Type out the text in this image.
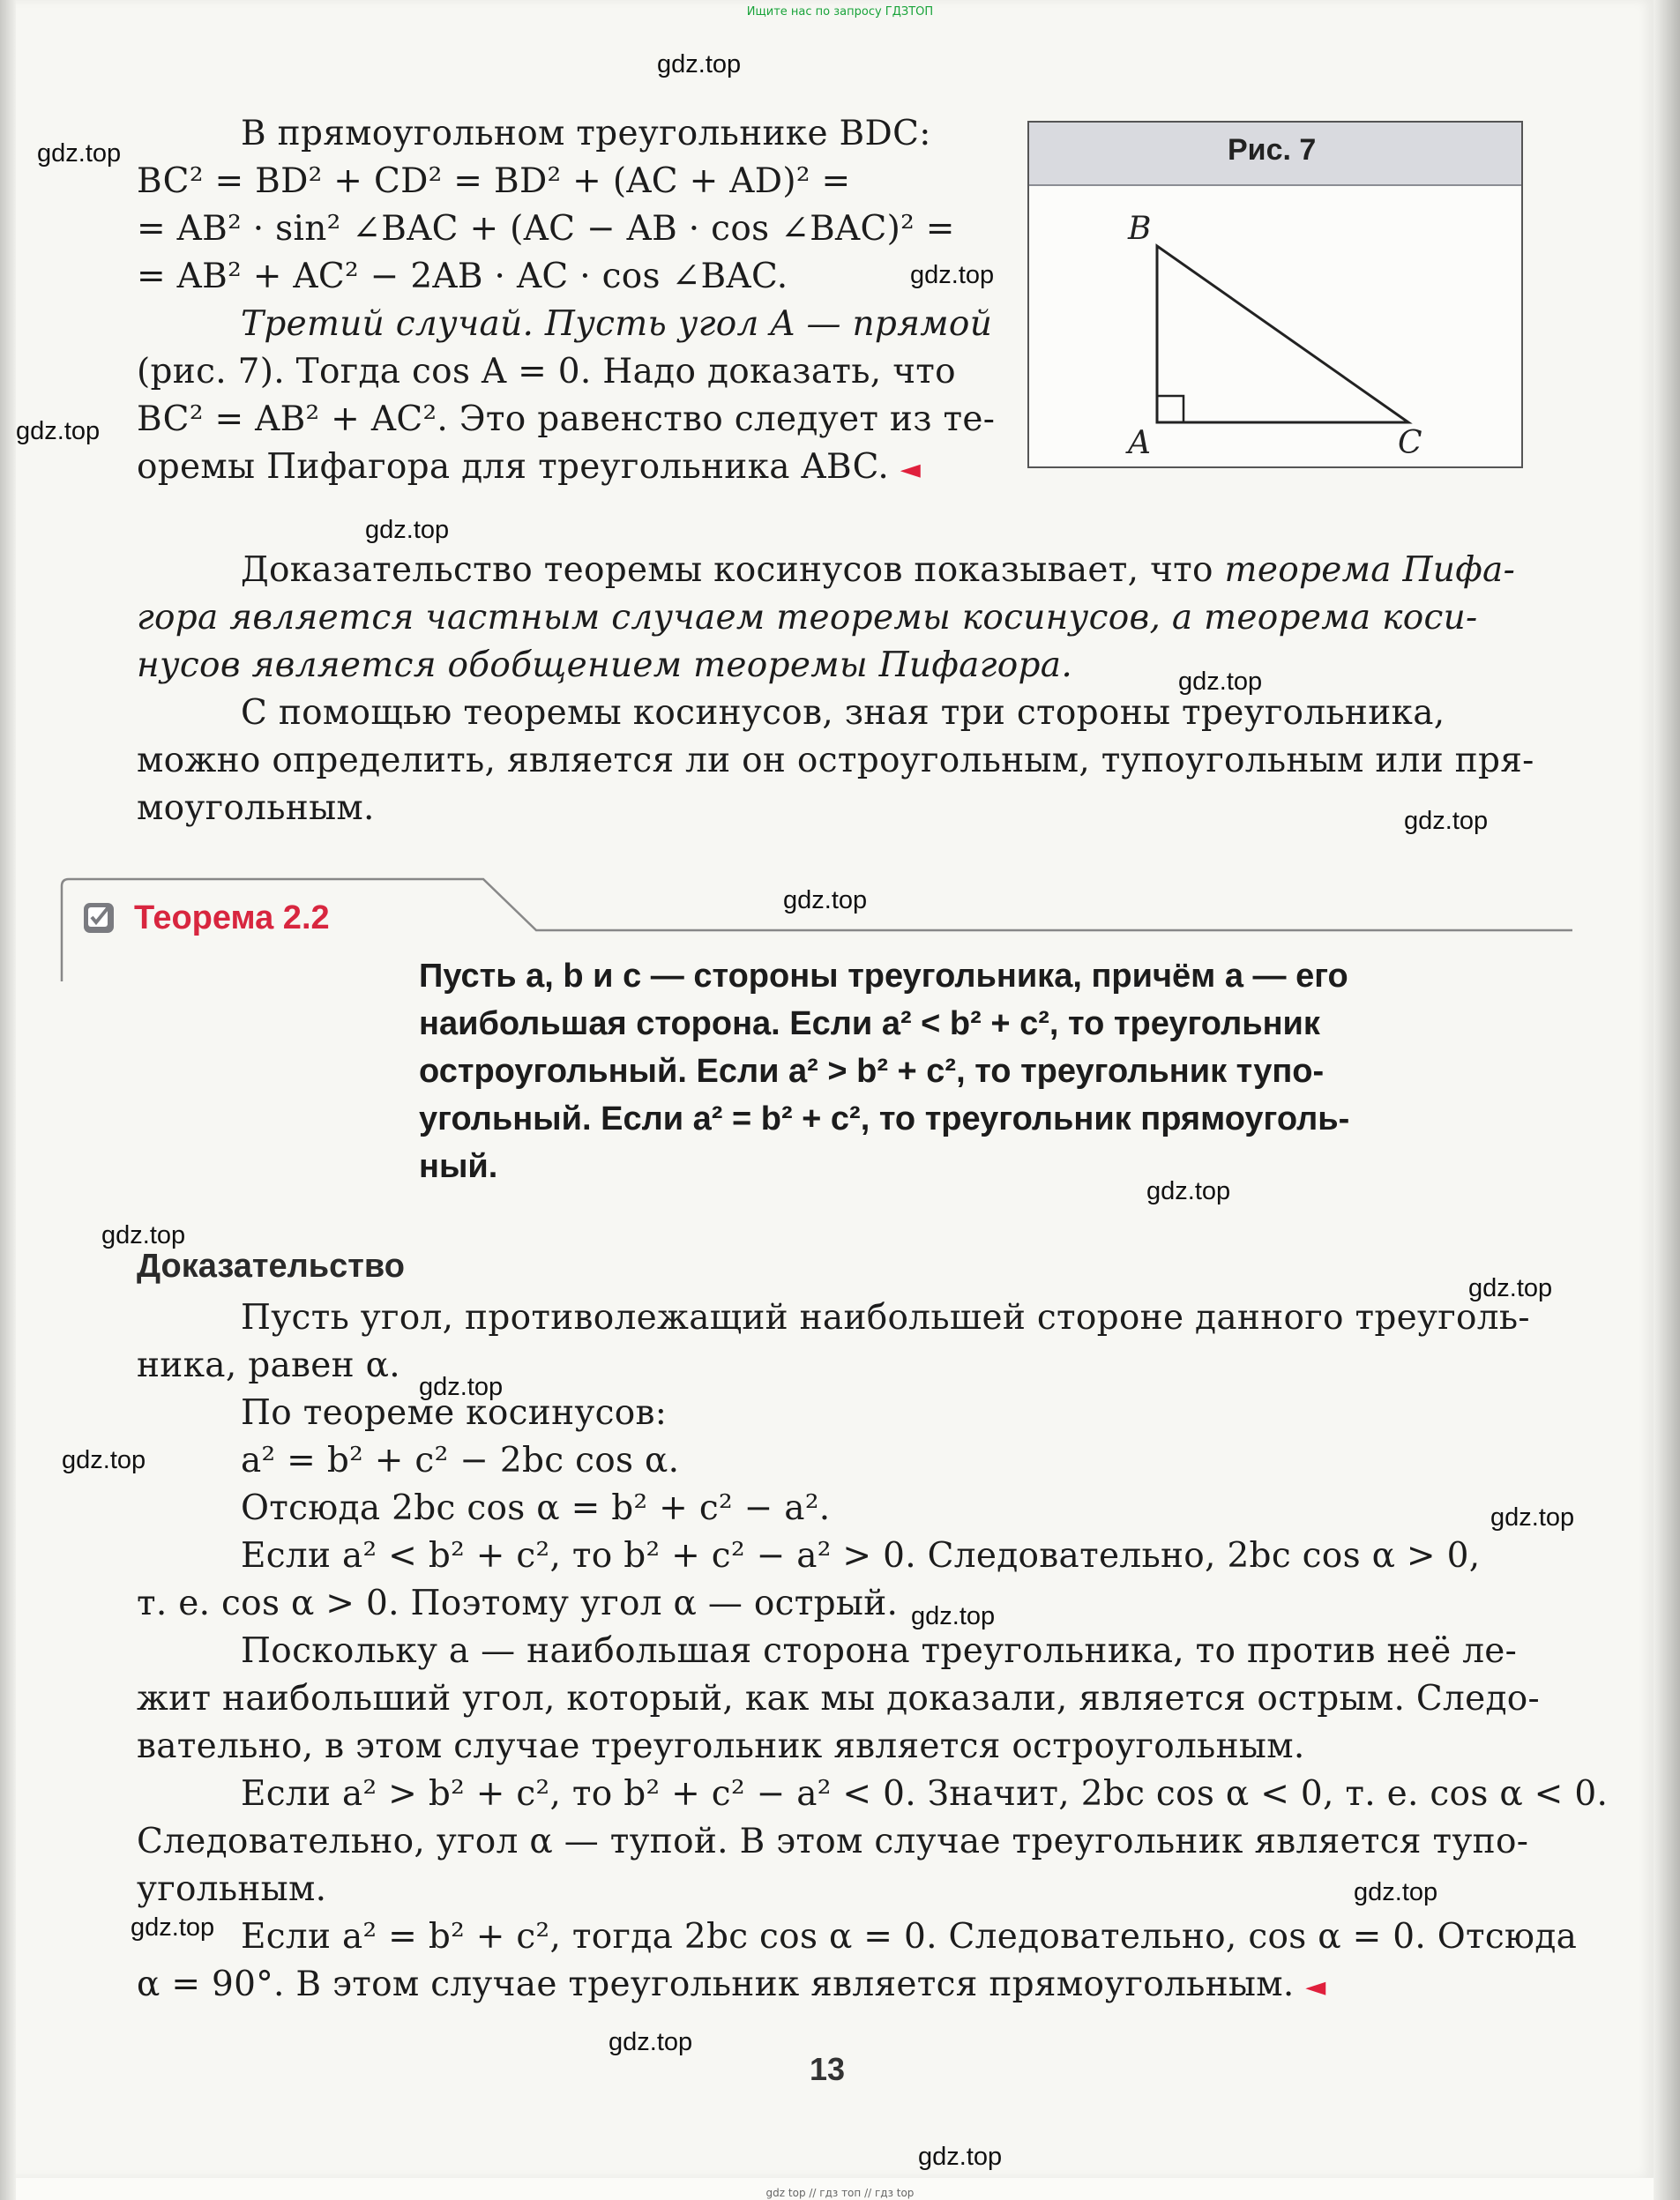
Ищите нас по запросу ГДЗТОП
gdz.top
gdz.top
gdz.top
gdz.top
gdz.top
gdz.top
gdz.top
gdz.top
gdz.top
gdz.top
gdz.top
gdz.top
gdz.top
gdz.top
gdz.top
gdz.top
gdz.top
gdz.top
gdz.top
В прямоугольном треугольнике BDC:
BC² = BD² + CD² = BD² + (AC + AD)² =
= AB² · sin² ∠BAC + (AC − AB · cos ∠BAC)² =
= AB² + AC² − 2AB · AC · cos ∠BAC.
Третий случай. Пусть угол A — прямой
(рис. 7). Тогда cos A = 0. Надо доказать, что
BC² = AB² + AC². Это равенство следует из те-
оремы Пифагора для треугольника ABC. ◄
Рис. 7
B
A	C
Доказательство теоремы косинусов показывает, что теорема Пифа-
гора является частным случаем теоремы косинусов, а теорема коси-
нусов является обобщением теоремы Пифагора.
С помощью теоремы косинусов, зная три стороны треугольника,
можно определить, является ли он остроугольным, тупоугольным или пря-
моугольным.
Теорема 2.2
Пусть a, b и c — стороны треугольника, причём a — его
наибольшая сторона. Если a² < b² + c², то треугольник
остроугольный. Если a² > b² + c², то треугольник тупо-
угольный. Если a² = b² + c², то треугольник прямоуголь-
ный.
Доказательство
Пусть угол, противолежащий наибольшей стороне данного треуголь-
ника, равен α.
По теореме косинусов:
a² = b² + c² − 2bc cos α.
Отсюда 2bc cos α = b² + c² − a².
Если a² < b² + c², то b² + c² − a² > 0. Следовательно, 2bc cos α > 0,
т. е. cos α > 0. Поэтому угол α — острый.
Поскольку a — наибольшая сторона треугольника, то против неё ле-
жит наибольший угол, который, как мы доказали, является острым. Следо-
вательно, в этом случае треугольник является остроугольным.
Если a² > b² + c², то b² + c² − a² < 0. Значит, 2bc cos α < 0, т. е. cos α < 0.
Следовательно, угол α — тупой. В этом случае треугольник является тупо-
угольным.
Если a² = b² + c², тогда 2bc cos α = 0. Следовательно, cos α = 0. Отсюда
α = 90°. В этом случае треугольник является прямоугольным. ◄
13
gdz top // гдз топ // гдз top
